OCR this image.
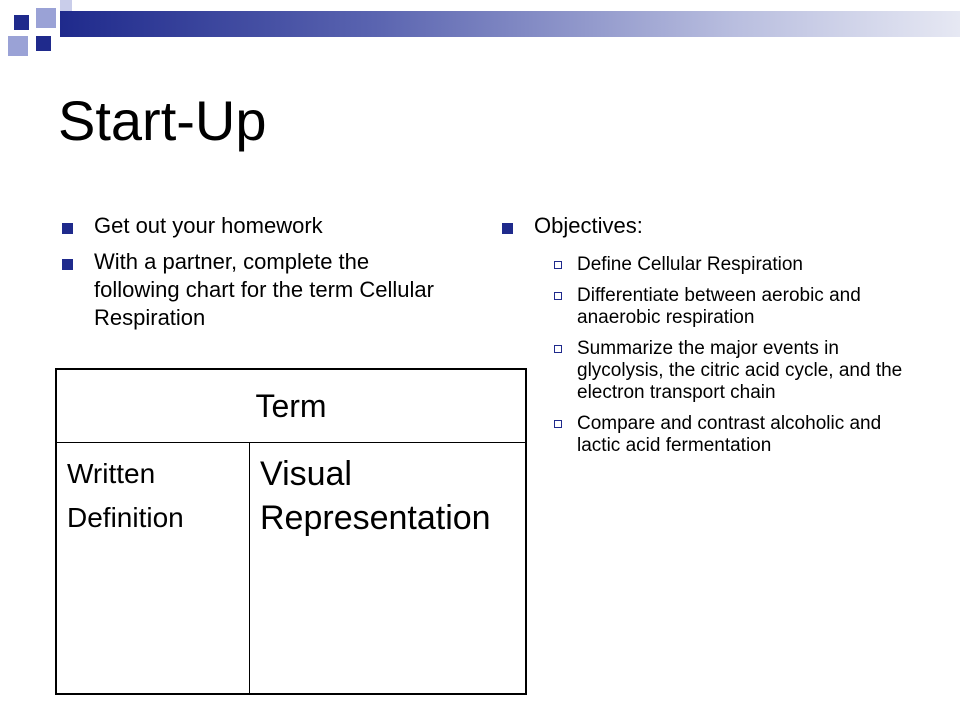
Start-Up
Get out your homework
With a partner, complete the following chart for the term Cellular Respiration
Objectives:
Define Cellular Respiration
Differentiate between aerobic and anaerobic respiration
Summarize the major events in glycolysis, the citric acid cycle, and the electron transport chain
Compare and contrast alcoholic and lactic acid fermentation
Term
Written Definition
Visual Representation
